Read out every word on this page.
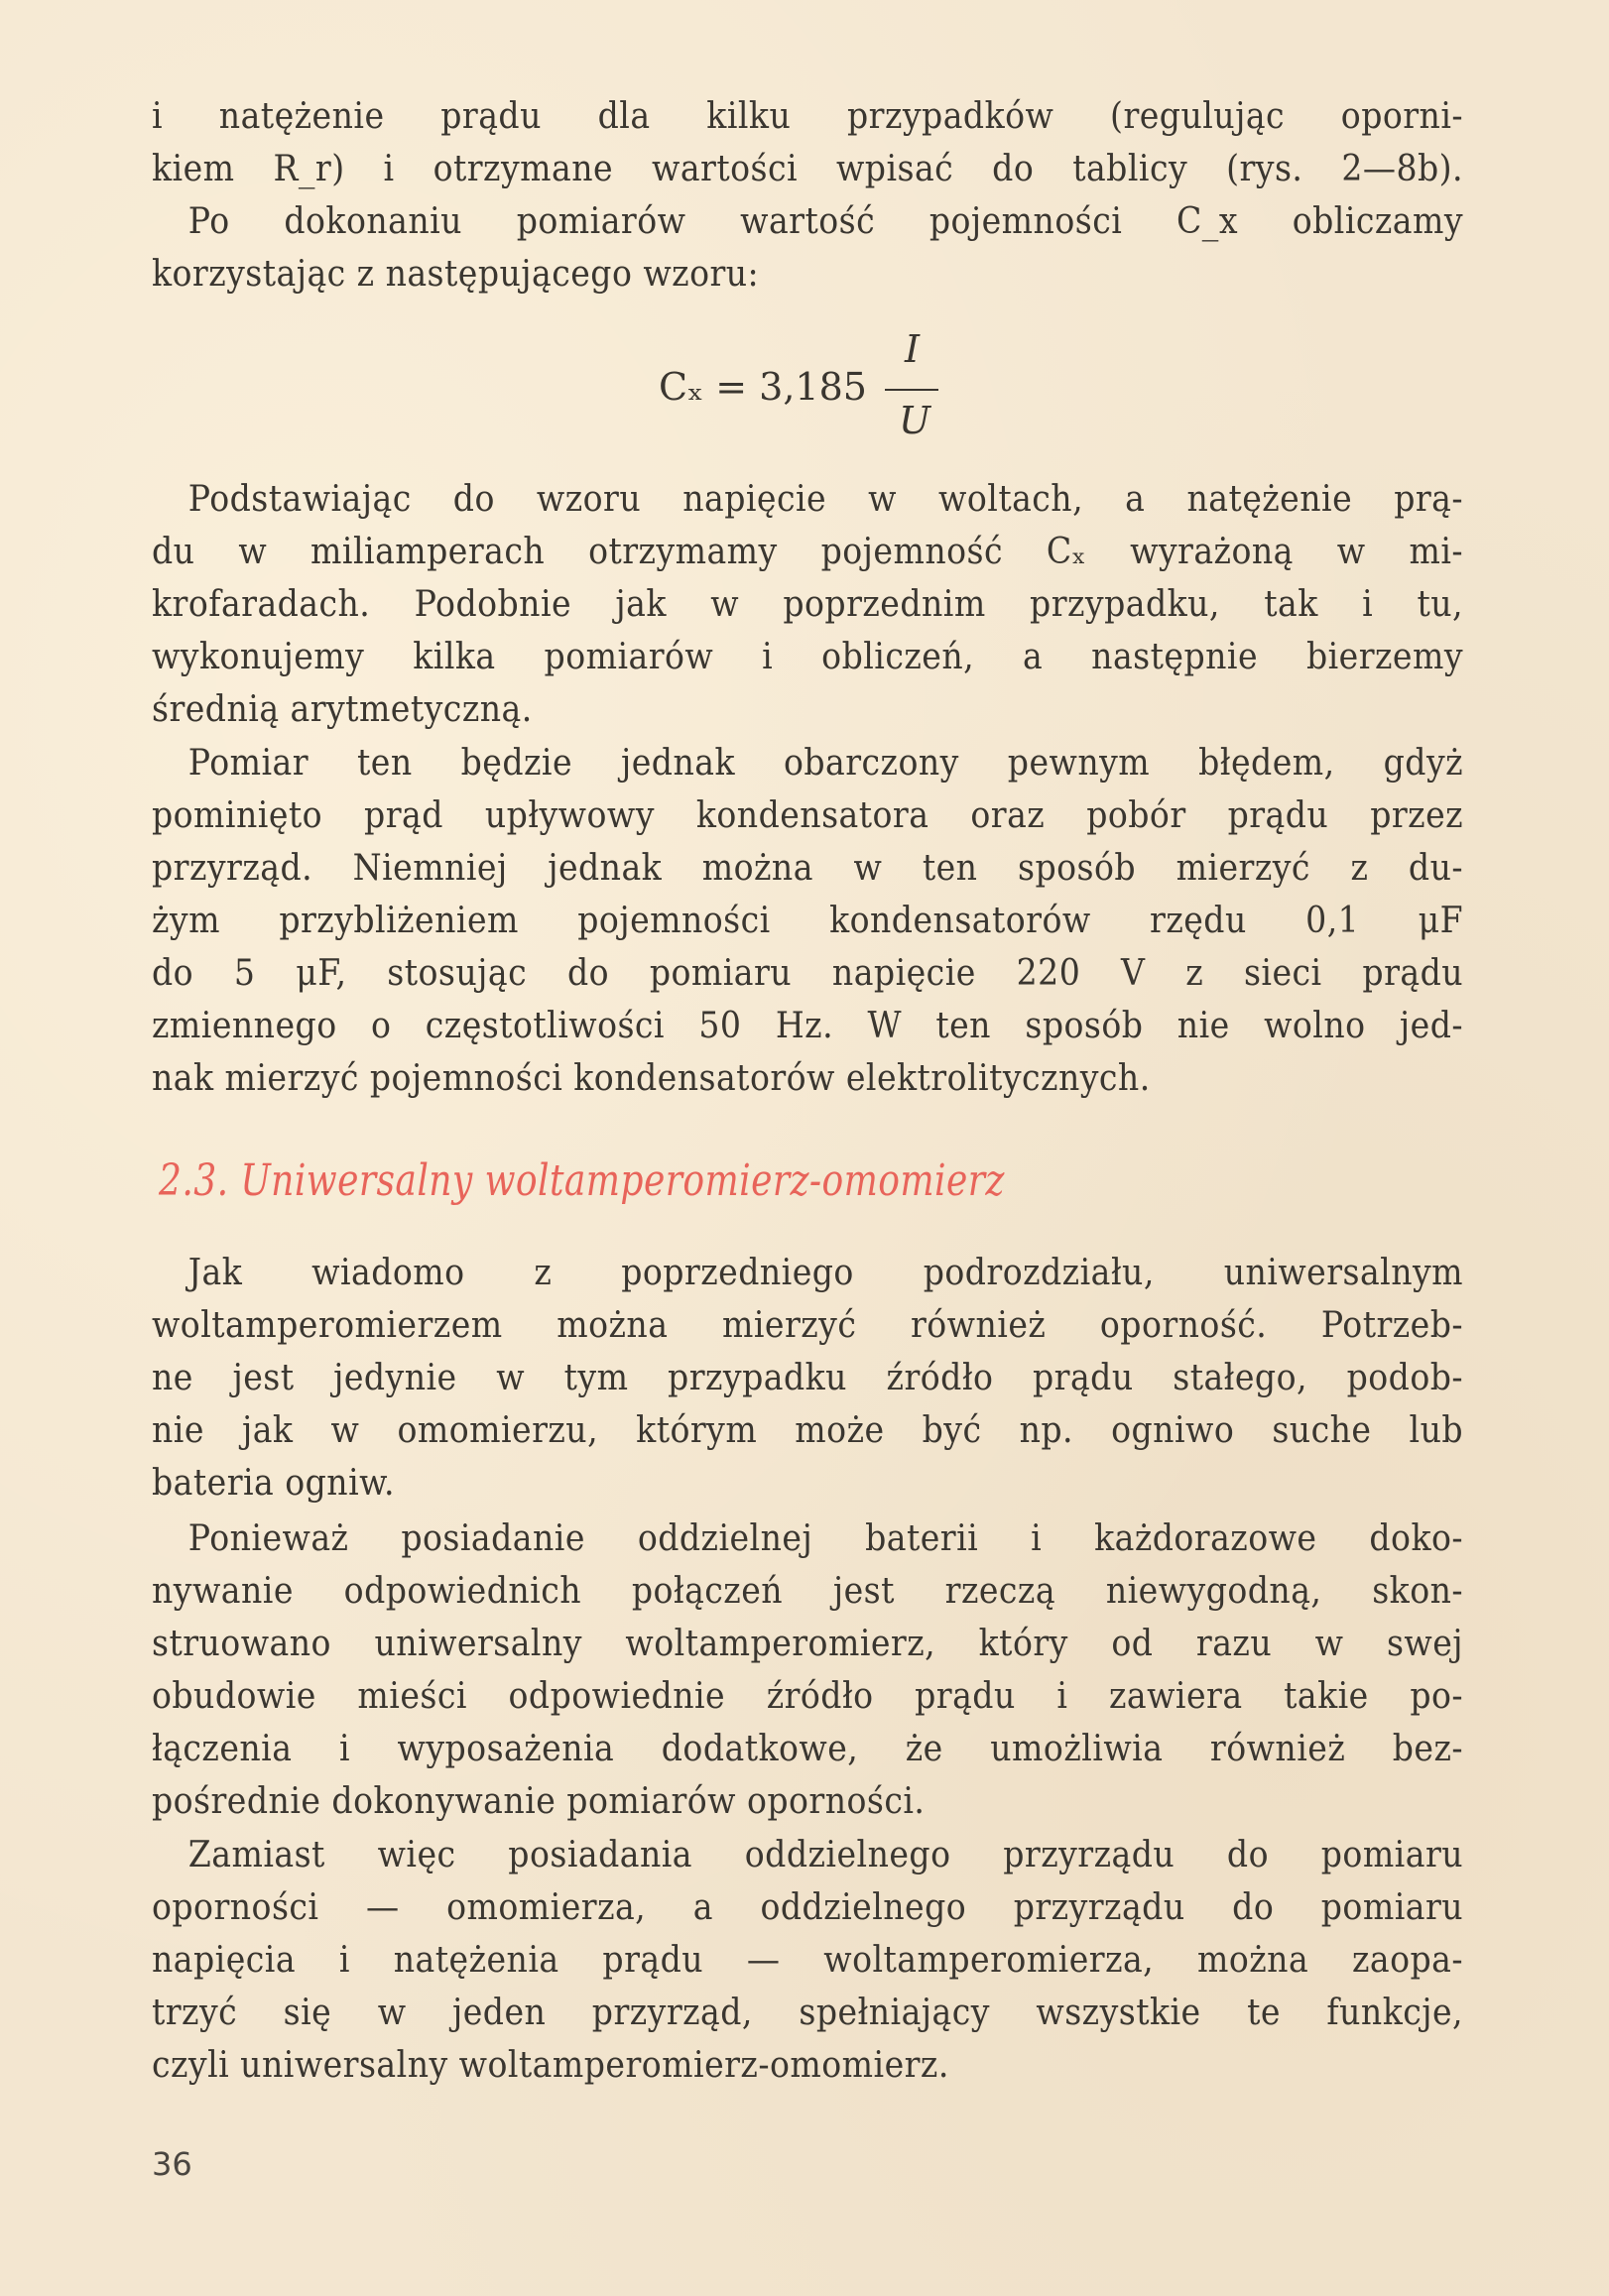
i natężenie prądu dla kilku przypadków (regulując oporni-
kiem R_r) i otrzymane wartości wpisać do tablicy (rys. 2—8b).
Po dokonaniu pomiarów wartość pojemności C_x obliczamy
korzystając z następującego wzoru:
Cₓ = 3,185
I
U
Podstawiając do wzoru napięcie w woltach, a natężenie prą-
du w miliamperach otrzymamy pojemność Cₓ wyrażoną w mi-
krofaradach. Podobnie jak w poprzednim przypadku, tak i tu,
wykonujemy kilka pomiarów i obliczeń, a następnie bierzemy
średnią arytmetyczną.
Pomiar ten będzie jednak obarczony pewnym błędem, gdyż
pominięto prąd upływowy kondensatora oraz pobór prądu przez
przyrząd. Niemniej jednak można w ten sposób mierzyć z du-
żym przybliżeniem pojemności kondensatorów rzędu 0,1 μF
do 5 μF, stosując do pomiaru napięcie 220 V z sieci prądu
zmiennego o częstotliwości 50 Hz. W ten sposób nie wolno jed-
nak mierzyć pojemności kondensatorów elektrolitycznych.
2.3. Uniwersalny woltamperomierz-omomierz
Jak wiadomo z poprzedniego podrozdziału, uniwersalnym
woltamperomierzem można mierzyć również oporność. Potrzeb-
ne jest jedynie w tym przypadku źródło prądu stałego, podob-
nie jak w omomierzu, którym może być np. ogniwo suche lub
bateria ogniw.
Ponieważ posiadanie oddzielnej baterii i każdorazowe doko-
nywanie odpowiednich połączeń jest rzeczą niewygodną, skon-
struowano uniwersalny woltamperomierz, który od razu w swej
obudowie mieści odpowiednie źródło prądu i zawiera takie po-
łączenia i wyposażenia dodatkowe, że umożliwia również bez-
pośrednie dokonywanie pomiarów oporności.
Zamiast więc posiadania oddzielnego przyrządu do pomiaru
oporności — omomierza, a oddzielnego przyrządu do pomiaru
napięcia i natężenia prądu — woltamperomierza, można zaopa-
trzyć się w jeden przyrząd, spełniający wszystkie te funkcje,
czyli uniwersalny woltamperomierz-omomierz.
36
